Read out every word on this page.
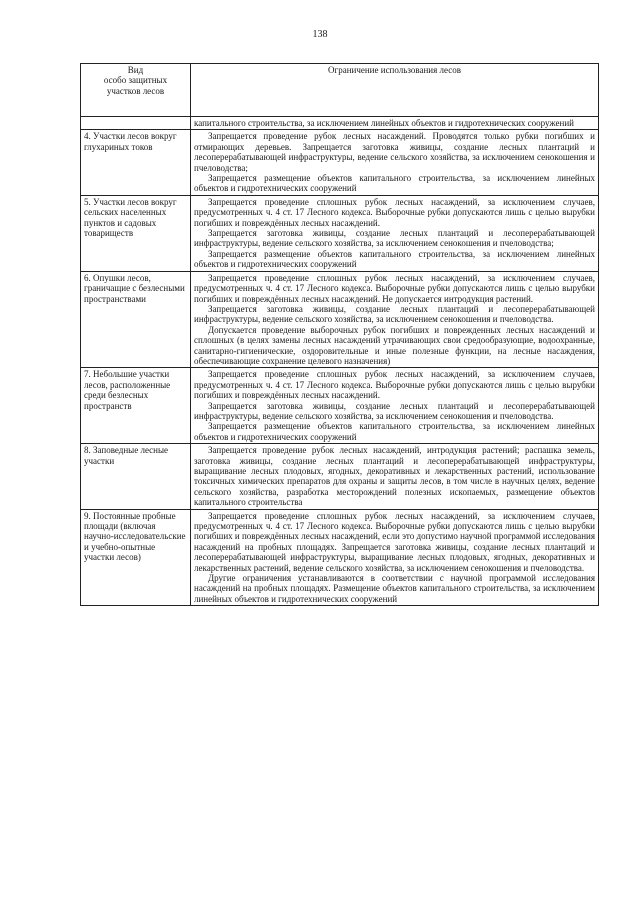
138
Вид
особо защитных
участков лесов	Ограничение использования лесов

	капитального строительства, за исключением линейных объектов и гидротехнических сооружений

4. Участки лесов вокруг глухариных токов	Запрещается проведение рубок лесных насаждений. Проводятся только рубки погибших и отмирающих деревьев. Запрещается заготовка живицы, создание лесных плантаций и лесоперерабатывающей инфраструктуры, ведение сельского хозяйства, за исключением сенокошения и пчеловодства;

Запрещается размещение объектов капитального строительства, за исключением линейных объектов и гидротехнических сооружений

5. Участки лесов вокруг сельских населенных пунктов и садовых товариществ	Запрещается проведение сплошных рубок лесных насаждений, за исключением случаев, предусмотренных ч. 4 ст. 17 Лесного кодекса. Выборочные рубки допускаются лишь с целью вырубки погибших и повреждённых лесных насаждений.

Запрещается заготовка живицы, создание лесных плантаций и лесоперерабатывающей инфраструктуры, ведение сельского хозяйства, за исключением сенокошения и пчеловодства;

Запрещается размещение объектов капитального строительства, за исключением линейных объектов и гидротехнических сооружений

6. Опушки лесов, граничащие с безлесными пространствами	Запрещается проведение сплошных рубок лесных насаждений, за исключением случаев, предусмотренных ч. 4 ст. 17 Лесного кодекса. Выборочные рубки допускаются лишь с целью вырубки погибших и повреждённых лесных насаждений. Не допускается интродукция растений.

Запрещается заготовка живицы, создание лесных плантаций и лесоперерабатывающей инфраструктуры, ведение сельского хозяйства, за исключением сенокошения и пчеловодства.

Допускается проведение выборочных рубок погибших и поврежденных лесных насаждений и сплошных (в целях замены лесных насаждений утрачивающих свои средообразующие, водоохранные, санитарно-гигиенические, оздоровительные и иные полезные функции, на лесные насаждения, обеспечивающие сохранение целевого назначения)

7. Небольшие участки лесов, расположенные среди безлесных пространств	Запрещается проведение сплошных рубок лесных насаждений, за исключением случаев, предусмотренных ч. 4 ст. 17 Лесного кодекса. Выборочные рубки допускаются лишь с целью вырубки погибших и повреждённых лесных насаждений.

Запрещается заготовка живицы, создание лесных плантаций и лесоперерабатывающей инфраструктуры, ведение сельского хозяйства, за исключением сенокошения и пчеловодства.

Запрещается размещение объектов капитального строительства, за исключением линейных объектов и гидротехнических сооружений

8. Заповедные лесные участки	Запрещается проведение рубок лесных насаждений, интродукция растений; распашка земель, заготовка живицы, создание лесных плантаций и лесоперерабатывающей инфраструктуры, выращивание лесных плодовых, ягодных, декоративных и лекарственных растений, использование токсичных химических препаратов для охраны и защиты лесов, в том числе в научных целях, ведение сельского хозяйства, разработка месторождений полезных ископаемых, размещение объектов капитального строительства

9. Постоянные пробные площади (включая научно-исследовательские и учебно-опытные участки лесов)	Запрещается проведение сплошных рубок лесных насаждений, за исключением случаев, предусмотренных ч. 4 ст. 17 Лесного кодекса. Выборочные рубки допускаются лишь с целью вырубки погибших и повреждённых лесных насаждений, если это допустимо научной программой исследования насаждений на пробных площадях. Запрещается заготовка живицы, создание лесных плантаций и лесоперерабатывающей инфраструктуры, выращивание лесных плодовых, ягодных, декоративных и лекарственных растений, ведение сельского хозяйства, за исключением сенокошения и пчеловодства.

Другие ограничения устанавливаются в соответствии с научной программой исследования насаждений на пробных площадях. Размещение объектов капитального строительства, за исключением линейных объектов и гидротехнических сооружений
